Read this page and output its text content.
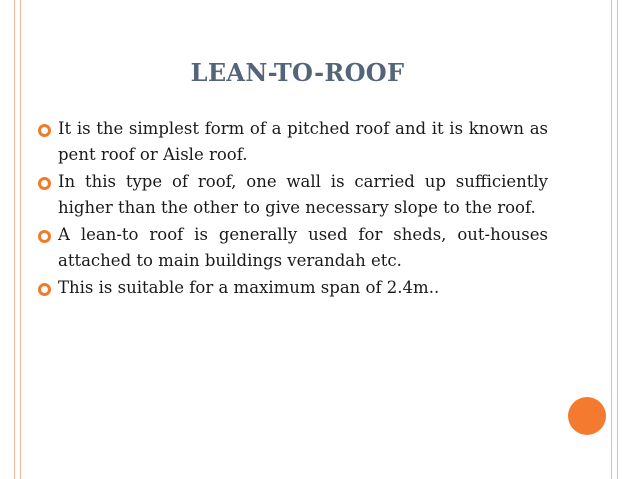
LEAN-TO-ROOF
It is the simplest form of a pitched roof and it is known as pent roof or Aisle roof.
In this type of roof, one wall is carried up sufficiently higher than the other to give necessary slope to the roof.
A lean-to roof is generally used for sheds, out-houses attached to main buildings verandah etc.
This is suitable for a maximum span of 2.4m..
